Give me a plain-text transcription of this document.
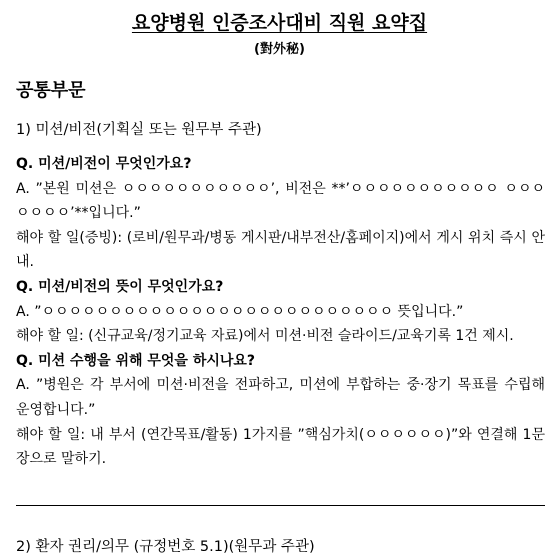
요양병원 인증조사대비 직원 요약집
(對外秘)
공통부문
1) 미션/비전(기획실 또는 원무부 주관)
Q. 미션/비전이 무엇인가요?
A. ”본원 미션은 ㅇㅇㅇㅇㅇㅇㅇㅇㅇㅇㅇ’, 비전은 **’ㅇㅇㅇㅇㅇㅇㅇㅇㅇㅇㅇ ㅇㅇㅇㅇㅇㅇㅇ’**입니다.”
해야 할 일(증빙): (로비/원무과/병동 게시판/내부전산/홈페이지)에서 게시 위치 즉시 안내.
Q. 미션/비전의 뜻이 무엇인가요?
A. ”ㅇㅇㅇㅇㅇㅇㅇㅇㅇㅇㅇㅇㅇㅇㅇㅇㅇㅇㅇㅇㅇㅇㅇㅇㅇㅇ 뜻입니다.”
해야 할 일: (신규교육/정기교육 자료)에서 미션·비전 슬라이드/교육기록 1건 제시.
Q. 미션 수행을 위해 무엇을 하시나요?
A. ”병원은 각 부서에 미션·비전을 전파하고, 미션에 부합하는 중·장기 목표를 수립해 운영합니다.”
해야 할 일: 내 부서 (연간목표/활동) 1가지를 ”핵심가치(ㅇㅇㅇㅇㅇㅇ)”와 연결해 1문장으로 말하기.
2) 환자 권리/의무 (규정번호 5.1)(원무과 주관)
